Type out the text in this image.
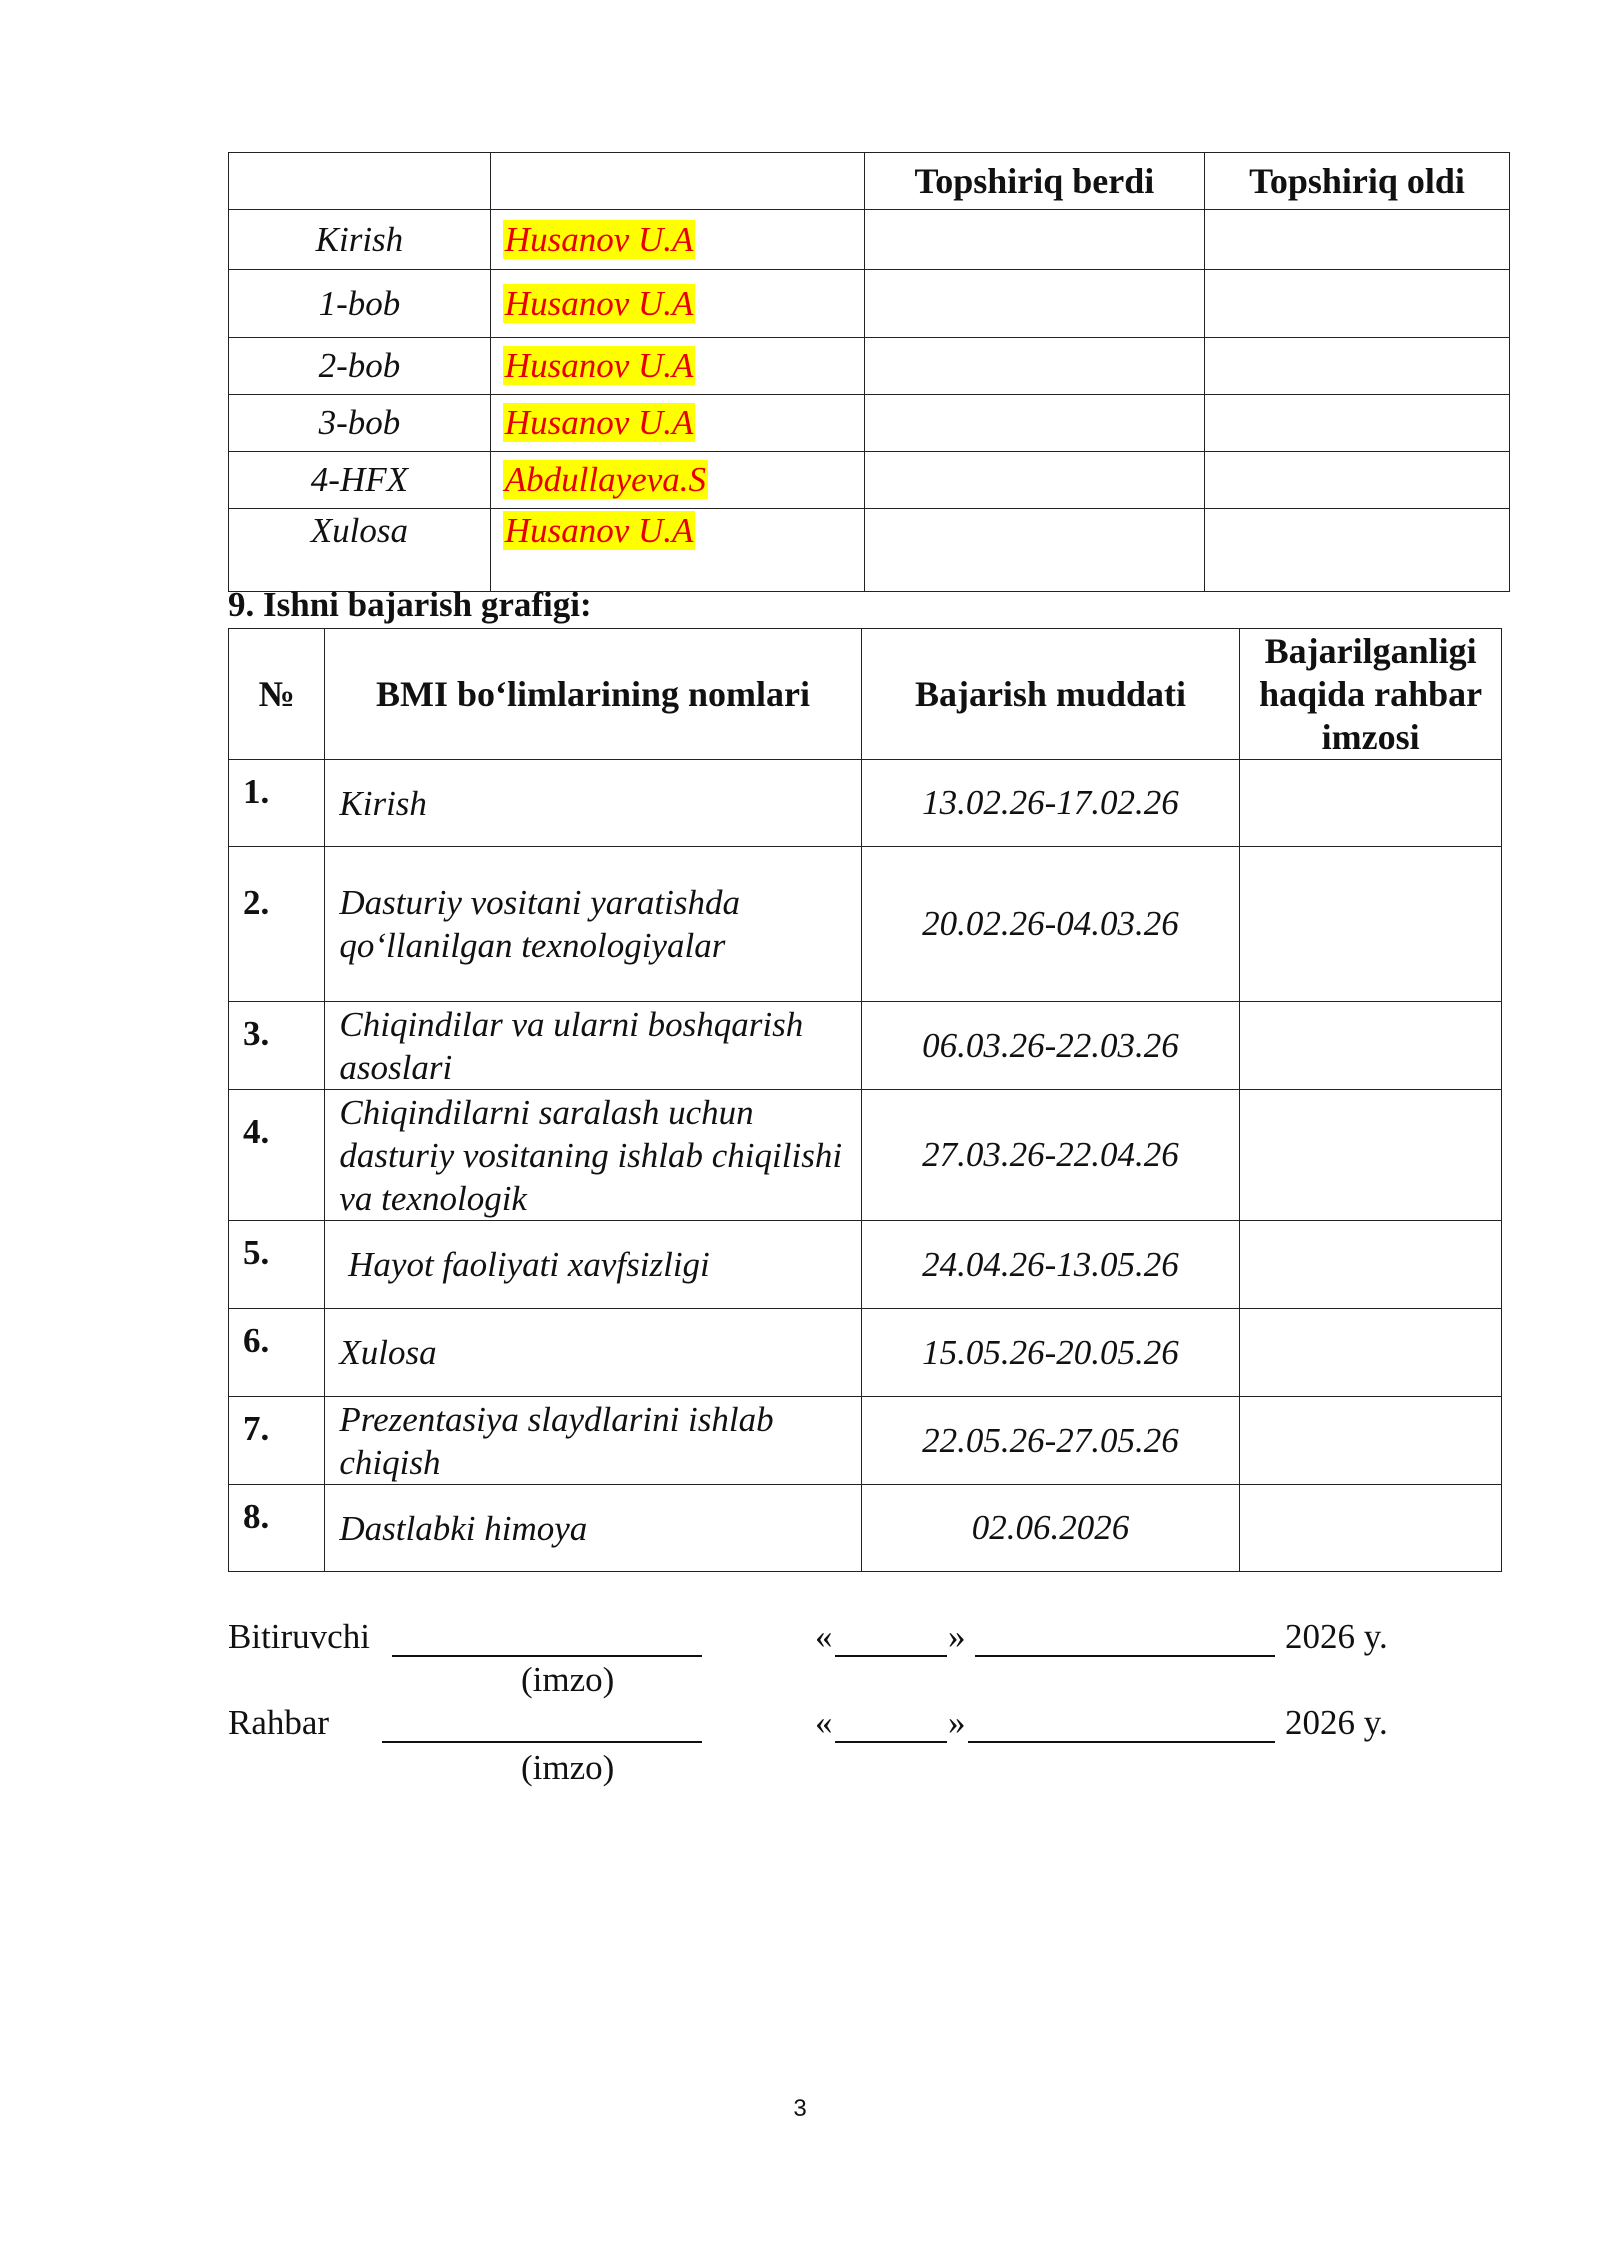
		Topshiriq berdi	Topshiriq oldi
Kirish	Husanov U.A		
1-bob	Husanov U.A		
2-bob	Husanov U.A		
3-bob	Husanov U.A		
4-HFX	Abdullayeva.S		
Xulosa	Husanov U.A		
9. Ishni bajarish grafigi:
№	BMI bo‘limlarining nomlari	Bajarish muddati	Bajarilganligi haqida rahbar imzosi
1.	Kirish	13.02.26-17.02.26	
2.	Dasturiy vositani yaratishda qo‘llanilgan texnologiyalar	20.02.26-04.03.26	
3.	Chiqindilar va ularni boshqarish asoslari	06.03.26-22.03.26	
4.	Chiqindilarni saralash uchun dasturiy vositaning ishlab chiqilishi va texnologik	27.03.26-22.04.26	
5.	Hayot faoliyati xavfsizligi	24.04.26-13.05.26	
6.	Xulosa	15.05.26-20.05.26	
7.	Prezentasiya slaydlarini ishlab chiqish	22.05.26-27.05.26	
8.	Dastlabki himoya	02.06.2026	
Bitiruvchi
(imzo)
«	»	2026 y.
Rahbar
(imzo)
«	»	2026 y.
3
